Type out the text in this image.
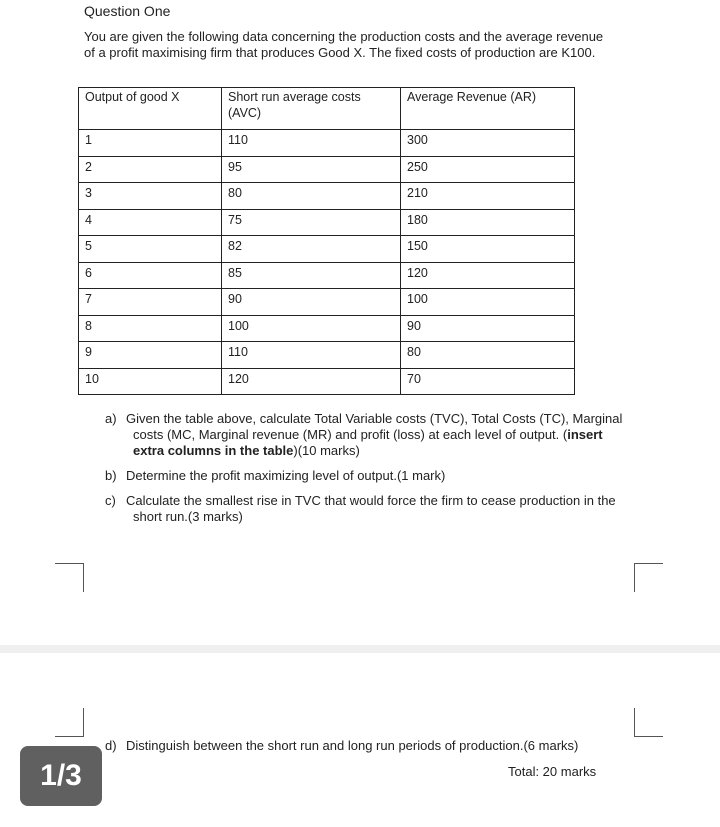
Question One
You are given the following data concerning the production costs and the average revenue of a profit maximising firm that produces Good X. The fixed costs of production are K100.
Output of good X	Short run average costs (AVC)	Average Revenue (AR)
1	110	300
2	95	250
3	80	210
4	75	180
5	82	150
6	85	120
7	90	100
8	100	90
9	110	80
10	120	70
a) Given the table above, calculate Total Variable costs (TVC), Total Costs (TC), Marginal costs (MC, Marginal revenue (MR) and profit (loss) at each level of output. (insert extra columns in the table)(10 marks)
b) Determine the profit maximizing level of output.(1 mark)
c) Calculate the smallest rise in TVC that would force the firm to cease production in the short run.(3 marks)
d) Distinguish between the short run and long run periods of production.(6 marks)
1/3	Total: 20 marks
